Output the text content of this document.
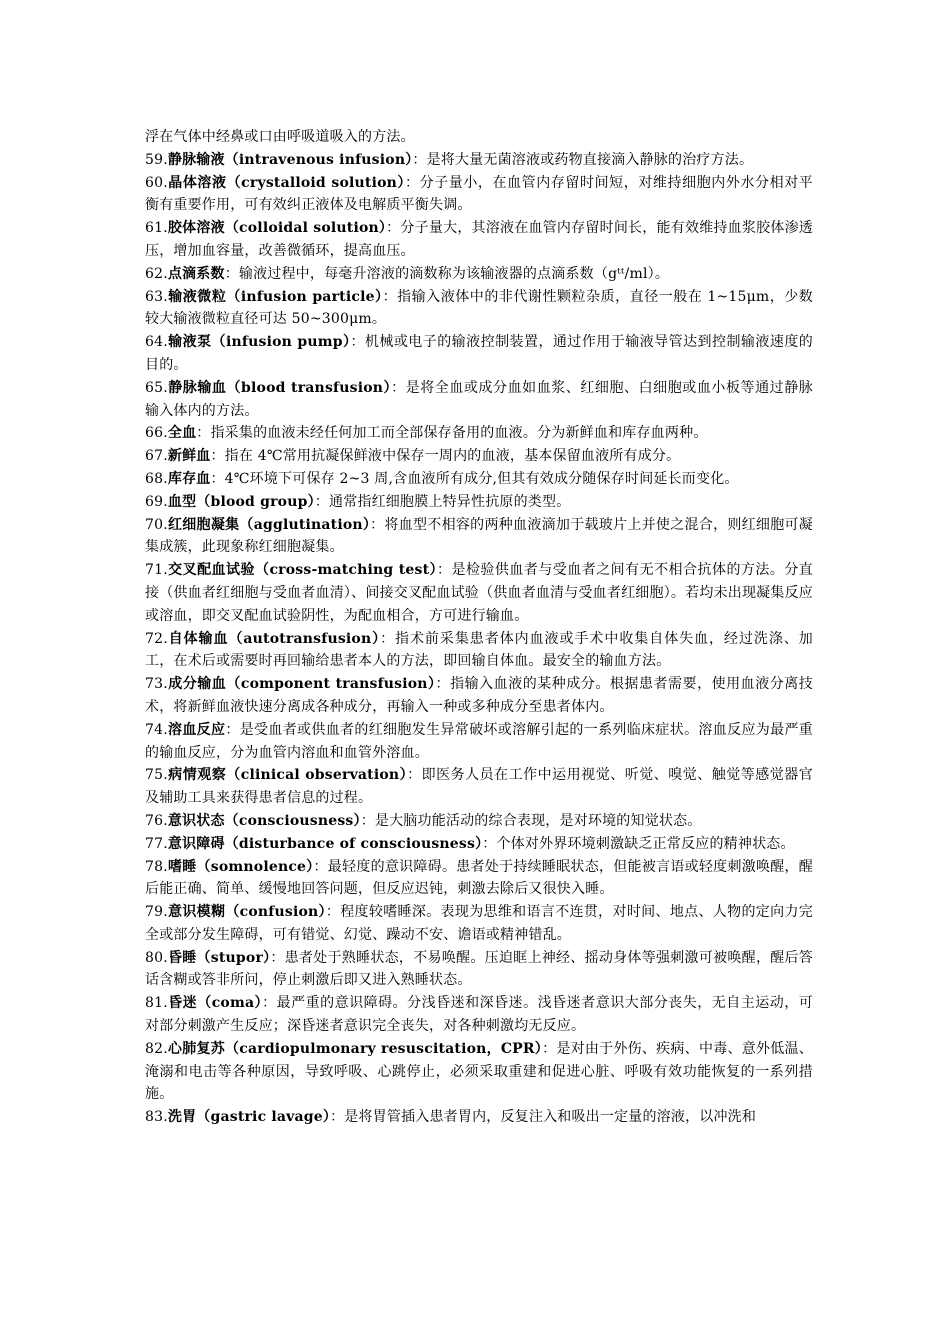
浮在气体中经鼻或口由呼吸道吸入的方法。

59.静脉输液（intravenous infusion）：是将大量无菌溶液或药物直接滴入静脉的治疗方法。

60.晶体溶液（crystalloid solution）：分子量小，在血管内存留时间短，对维持细胞内外水分相对平衡有重要作用，可有效纠正液体及电解质平衡失调。

61.胶体溶液（colloidal solution）：分子量大，其溶液在血管内存留时间长，能有效维持血浆胶体渗透压，增加血容量，改善微循环，提高血压。

62.点滴系数：输液过程中，每毫升溶液的滴数称为该输液器的点滴系数（gᵗᵗ/ml）。

63.输液微粒（infusion particle）：指输入液体中的非代谢性颗粒杂质，直径一般在 1~15μm，少数较大输液微粒直径可达 50~300μm。

64.输液泵（infusion pump）：机械或电子的输液控制装置，通过作用于输液导管达到控制输液速度的目的。

65.静脉输血（blood transfusion）：是将全血或成分血如血浆、红细胞、白细胞或血小板等通过静脉输入体内的方法。

66.全血：指采集的血液未经任何加工而全部保存备用的血液。分为新鲜血和库存血两种。

67.新鲜血：指在 4℃常用抗凝保鲜液中保存一周内的血液，基本保留血液所有成分。

68.库存血：4℃环境下可保存 2~3 周,含血液所有成分,但其有效成分随保存时间延长而变化。

69.血型（blood group）：通常指红细胞膜上特异性抗原的类型。

70.红细胞凝集（agglutination）：将血型不相容的两种血液滴加于载玻片上并使之混合，则红细胞可凝集成簇，此现象称红细胞凝集。

71.交叉配血试验（cross-matching test）：是检验供血者与受血者之间有无不相合抗体的方法。分直接（供血者红细胞与受血者血清）、间接交叉配血试验（供血者血清与受血者红细胞）。若均未出现凝集反应或溶血，即交叉配血试验阴性，为配血相合，方可进行输血。

72.自体输血（autotransfusion）：指术前采集患者体内血液或手术中收集自体失血，经过洗涤、加工，在术后或需要时再回输给患者本人的方法，即回输自体血。最安全的输血方法。

73.成分输血（component transfusion）：指输入血液的某种成分。根据患者需要，使用血液分离技术，将新鲜血液快速分离成各种成分，再输入一种或多种成分至患者体内。

74.溶血反应：是受血者或供血者的红细胞发生异常破坏或溶解引起的一系列临床症状。溶血反应为最严重的输血反应，分为血管内溶血和血管外溶血。

75.病情观察（clinical observation）：即医务人员在工作中运用视觉、听觉、嗅觉、触觉等感觉器官及辅助工具来获得患者信息的过程。

76.意识状态（consciousness）：是大脑功能活动的综合表现，是对环境的知觉状态。

77.意识障碍（disturbance of consciousness）：个体对外界环境刺激缺乏正常反应的精神状态。

78.嗜睡（somnolence）：最轻度的意识障碍。患者处于持续睡眠状态，但能被言语或轻度刺激唤醒，醒后能正确、简单、缓慢地回答问题，但反应迟钝，刺激去除后又很快入睡。

79.意识模糊（confusion）：程度较嗜睡深。表现为思维和语言不连贯，对时间、地点、人物的定向力完全或部分发生障碍，可有错觉、幻觉、躁动不安、谵语或精神错乱。

80.昏睡（stupor）：患者处于熟睡状态，不易唤醒。压迫眶上神经、摇动身体等强刺激可被唤醒，醒后答话含糊或答非所问，停止刺激后即又进入熟睡状态。

81.昏迷（coma）：最严重的意识障碍。分浅昏迷和深昏迷。浅昏迷者意识大部分丧失，无自主运动，可对部分刺激产生反应；深昏迷者意识完全丧失，对各种刺激均无反应。

82.心肺复苏（cardiopulmonary resuscitation，CPR）：是对由于外伤、疾病、中毒、意外低温、淹溺和电击等各种原因，导致呼吸、心跳停止，必须采取重建和促进心脏、呼吸有效功能恢复的一系列措施。

83.洗胃（gastric lavage）：是将胃管插入患者胃内，反复注入和吸出一定量的溶液，以冲洗和
